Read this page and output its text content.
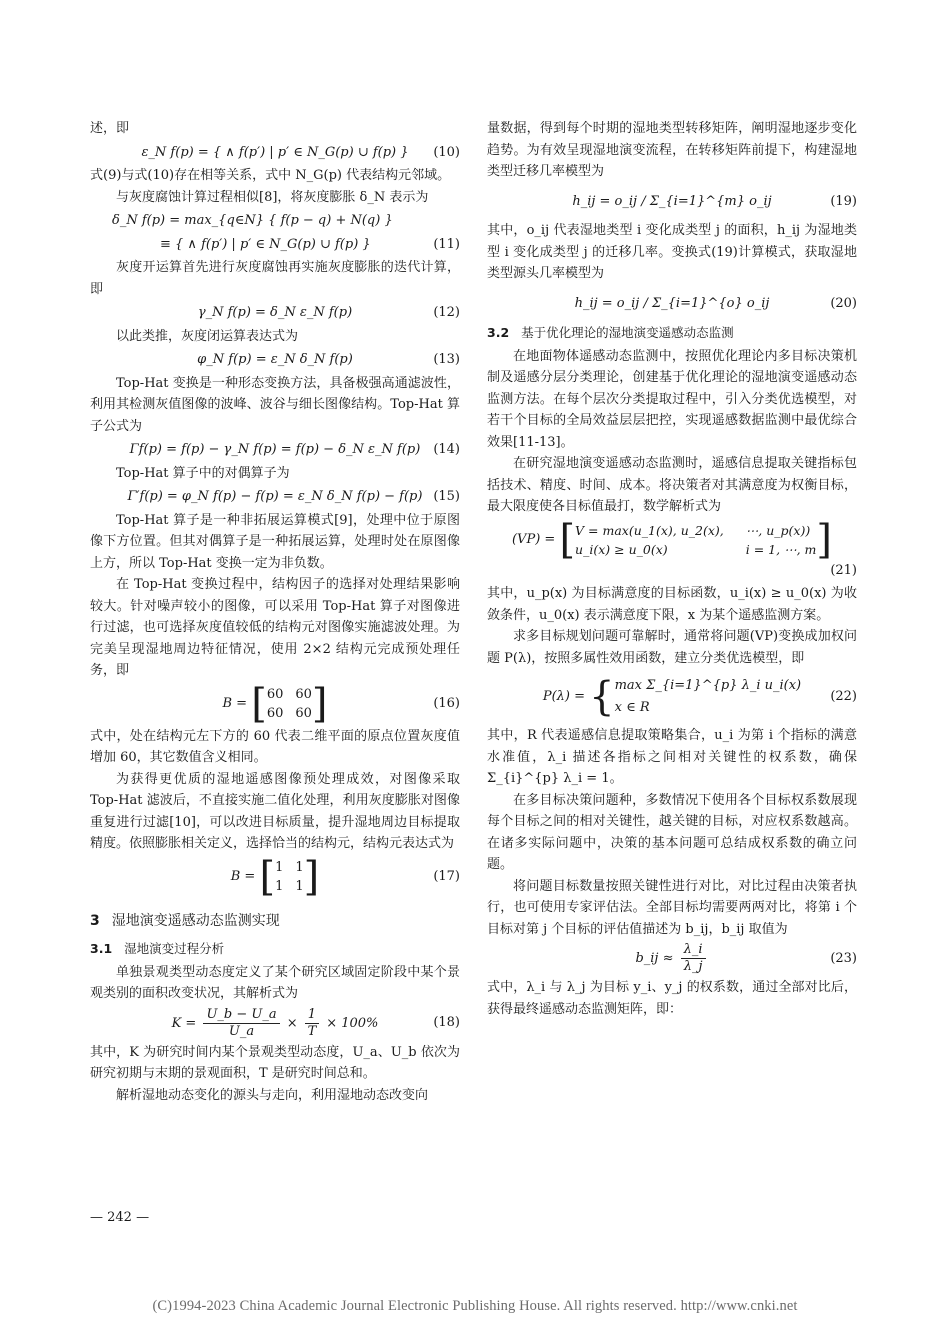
述，即

ε_N f(p) = { ∧ f(p′) | p′ ∈ N_G(p) ∪ f(p) } (10)

式(9)与式(10)存在相等关系，式中 N_G(p) 代表结构元邻域。

与灰度腐蚀计算过程相似[8]，将灰度膨胀 δ_N 表示为

δ_N f(p) = max_{q∈N} { f(p − q) + N(q) }
≡ { ∧ f(p′) | p′ ∈ N_G(p) ∪ f(p) }	(11)

灰度开运算首先进行灰度腐蚀再实施灰度膨胀的迭代计算，即

γ_N f(p) = δ_N ε_N f(p)	(12)

以此类推，灰度闭运算表达式为

φ_N f(p) = ε_N δ_N f(p)	(13)

Top-Hat 变换是一种形态变换方法，具备极强高通滤波性，利用其检测灰值图像的波峰、波谷与细长图像结构。Top-Hat 算子公式为

Γf(p) = f(p) − γ_N f(p) = f(p) − δ_N ε_N f(p) (14)

Top-Hat 算子中的对偶算子为

Γ′f(p) = φ_N f(p) − f(p) = ε_N δ_N f(p) − f(p) (15)

Top-Hat 算子是一种非拓展运算模式[9]，处理中位于原图像下方位置。但其对偶算子是一种拓展运算，处理时处在原图像上方，所以 Top-Hat 变换一定为非负数。

在 Top-Hat 变换过程中，结构因子的选择对处理结果影响较大。针对噪声较小的图像，可以采用 Top-Hat 算子对图像进行过滤，也可选择灰度值较低的结构元对图像实施滤波处理。为完美呈现湿地周边特征情况，使用 2×2 结构元完成预处理任务，即

B =
[ 60 60
60 60 ]	(16)

式中，处在结构元左下方的 60 代表二维平面的原点位置灰度值增加 60，其它数值含义相同。

为获得更优质的湿地遥感图像预处理成效，对图像采取 Top-Hat 滤波后，不直接实施二值化处理，利用灰度膨胀对图像重复进行过滤[10]，可以改进目标质量，提升湿地周边目标提取精度。依照膨胀相关定义，选择恰当的结构元，结构元表达式为

B =
[ 1 1
1 1 ]	(17)
3 湿地演变遥感动态监测实现
3.1 湿地演变过程分析

单独景观类型动态度定义了某个研究区域固定阶段中某个景观类别的面积改变状况，其解析式为

$K = \frac{U\_b - U\_a}{U\_a} \times \frac{1}{T} \times 100\%$	(18)

其中，K 为研究时间内某个景观类型动态度，U_a、U_b 依次为研究初期与末期的景观面积，T 是研究时间总和。

解析湿地动态变化的源头与走向，利用湿地动态改变向

量数据，得到每个时期的湿地类型转移矩阵，阐明湿地逐步变化趋势。为有效呈现湿地演变流程，在转移矩阵前提下，构建湿地类型迁移几率模型为

h_ij = o_ij / Σ_{i=1}^{m} o_ij	(19)

其中，o_ij 代表湿地类型 i 变化成类型 j 的面积，h_ij 为湿地类型 i 变化成类型 j 的迁移几率。变换式(19)计算模式，获取湿地类型源头几率模型为

h_ij = o_ij / Σ_{i=1}^{o} o_ij	(20)
3.2 基于优化理论的湿地演变遥感动态监测

在地面物体遥感动态监测中，按照优化理论内多目标决策机制及遥感分层分类理论，创建基于优化理论的湿地演变遥感动态监测方法。在每个层次分类提取过程中，引入分类优选模型，对若干个目标的全局效益层层把控，实现遥感数据监测中最优综合效果[11-13]。

在研究湿地演变遥感动态监测时，遥感信息提取关键指标包括技术、精度、时间、成本。将决策者对其满意度为权衡目标，最大限度使各目标值最打，数学解析式为

(VP) =
[ V = max(u_1(x), u_2(x), ⋯, u_p(x))
u_i(x) ≥ u_0(x)	i = 1, ⋯, m ]
(21)

其中，u_p(x) 为目标满意度的目标函数，u_i(x) ≥ u_0(x) 为收敛条件，u_0(x) 表示满意度下限，x 为某个遥感监测方案。

求多目标规划问题可靠解时，通常将问题(VP)变换成加权问题 P(λ)，按照多属性效用函数，建立分类优选模型，即

P(λ) =
{ max Σ_{i=1}^{p} λ_i u_i(x)
x ∈ R
(22)

其中，R 代表遥感信息提取策略集合，u_i 为第 i 个指标的满意水准值，λ_i 描述各指标之间相对关键性的权系数，确保 Σ_{i}^{p} λ_i = 1。

在多目标决策问题种，多数情况下使用各个目标权系数展现每个目标之间的相对关键性，越关键的目标，对应权系数越高。在诸多实际问题中，决策的基本问题可总结成权系数的确立问题。

将问题目标数量按照关键性进行对比，对比过程由决策者执行，也可使用专家评估法。全部目标均需要两两对比，将第 i 个目标对第 j 个目标的评估值描述为 b_ij，b_ij 取值为

b_ij ≈ $\frac{\lambda\_i}{\lambda\_j}$	(23)

式中，λ_i 与 λ_j 为目标 y_i、y_j 的权系数，通过全部对比后，获得最终遥感动态监测矩阵，即：

— 242 —
(C)1994-2023 China Academic Journal Electronic Publishing House. All rights reserved. http://www.cnki.net
